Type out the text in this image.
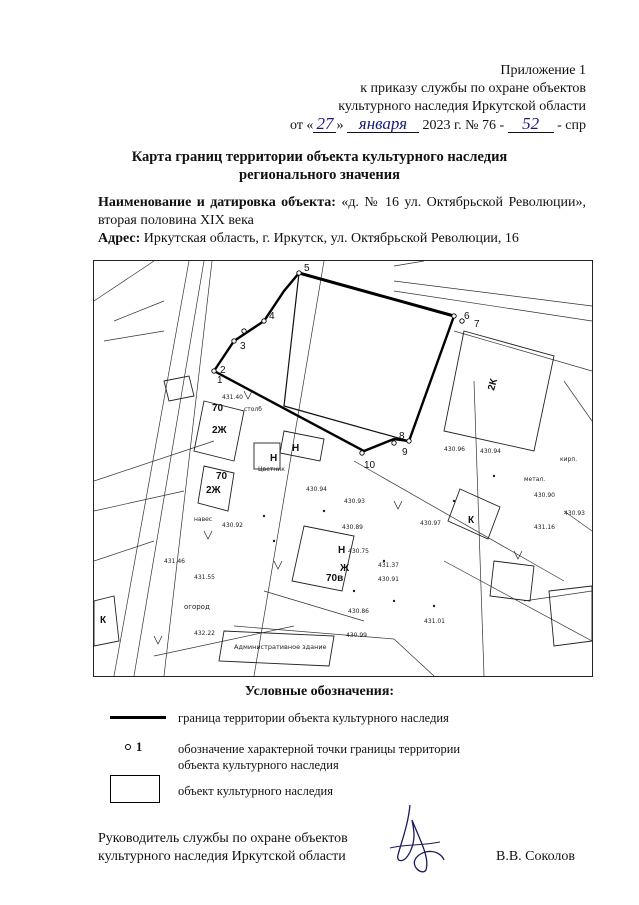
Приложение 1
к приказу службы по охране объектов
культурного наследия Иркутской области
от « 27 » января 2023 г. № 76 - 52 - спр
Карта границ территории объекта культурного наследия
регионального значения
Наименование и датировка объекта: «д. № 16 ул. Октябрьской Революции», вторая половина XIX века
Адрес: Иркутская область, г. Иркутск, ул. Октябрьской Революции, 16
1
2
3
4
5
6
7
8
9
10
2Ж
2Ж
2К
Н
Н
К
К
70
70
70в
Ж
Н
431.40
430.94
430.93
430.92	430.89
430.75
431.37
430.91
431.01
430.86
430.99
431.46
431.55
432.22
430.96
430.90
431.16
430.97
430.93
430.94
огород
столб
Цветник
Административное здание
навес
метал.
кирп.
Условные обозначения:
граница территории объекта культурного наследия
1	обозначение характерной точки границы территории объекта культурного наследия
объект культурного наследия
Руководитель службы по охране объектов
культурного наследия Иркутской области	В.В. Соколов
